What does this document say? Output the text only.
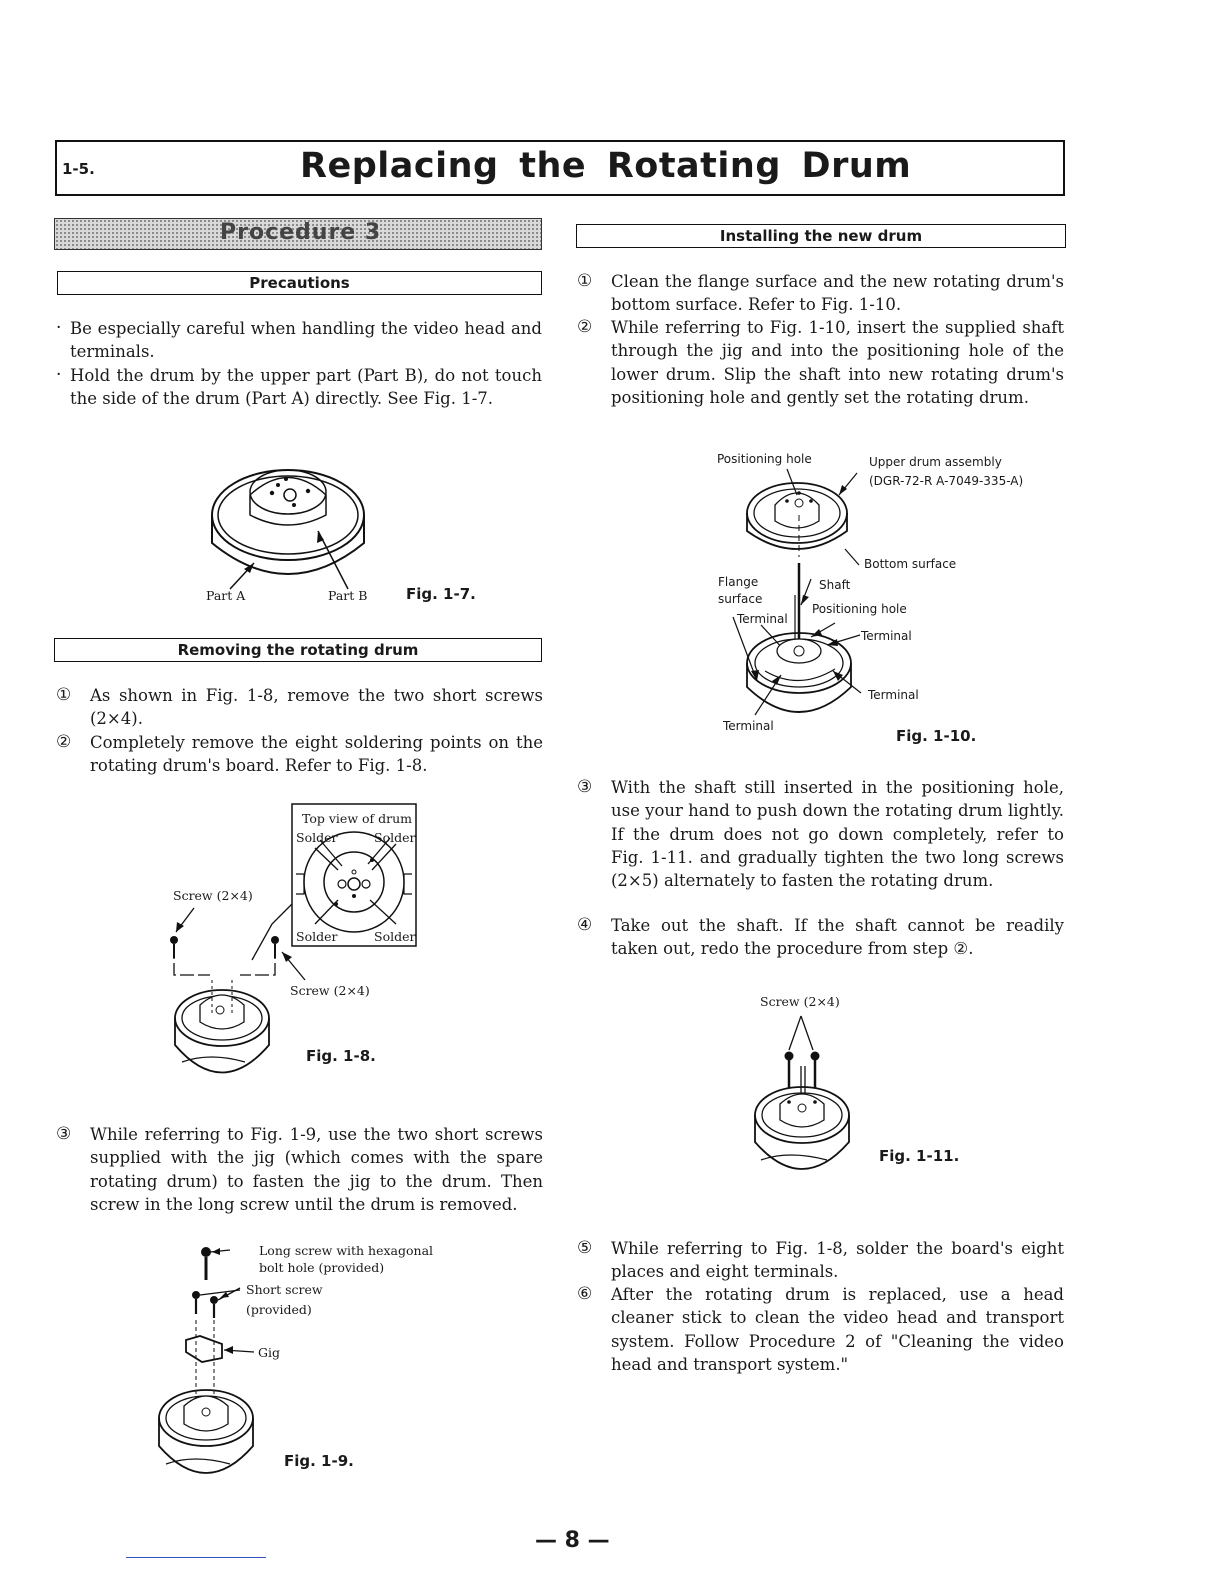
1-5.	Replacing the Rotating Drum
Procedure 3
Precautions
· Be especially careful when handling the video head and terminals.
· Hold the drum by the upper part (Part B), do not touch the side of the drum (Part A) directly. See Fig. 1-7.
Part A	Part B	Fig. 1-7.
Removing the rotating drum
① As shown in Fig. 1-8, remove the two short screws (2×4).
② Completely remove the eight soldering points on the rotating drum's board. Refer to Fig. 1-8.
Top view of drum
Solder	Solder
Solder	Solder
Screw (2×4)
Screw (2×4)
Fig. 1-8.
③ While referring to Fig. 1-9, use the two short screws supplied with the jig (which comes with the spare rotating drum) to fasten the jig to the drum. Then screw in the long screw until the drum is removed.
Long screw with hexagonal
bolt hole (provided)
Short screw
(provided)
Gig
Fig. 1-9.
Installing the new drum
① Clean the flange surface and the new rotating drum's bottom surface. Refer to Fig. 1-10.
② While referring to Fig. 1-10, insert the supplied shaft through the jig and into the positioning hole of the lower drum. Slip the shaft into new rotating drum's positioning hole and gently set the rotating drum.
Positioning hole	Upper drum assembly
(DGR-72-R A-7049-335-A)
Bottom surface
Flange
surface
Shaft
Positioning hole
Terminal
Terminal
Terminal
Terminal
Fig. 1-10.
③ With the shaft still inserted in the positioning hole, use your hand to push down the rotating drum lightly. If the drum does not go down completely, refer to Fig. 1-11. and gradually tighten the two long screws (2×5) alternately to fasten the rotating drum.
④ Take out the shaft. If the shaft cannot be readily taken out, redo the procedure from step ②.
Screw (2×4)
Fig. 1-11.
⑤ While referring to Fig. 1-8, solder the board's eight places and eight terminals.
⑥ After the rotating drum is replaced, use a head cleaner stick to clean the video head and transport system. Follow Procedure 2 of "Cleaning the video head and transport system."
— 8 —
